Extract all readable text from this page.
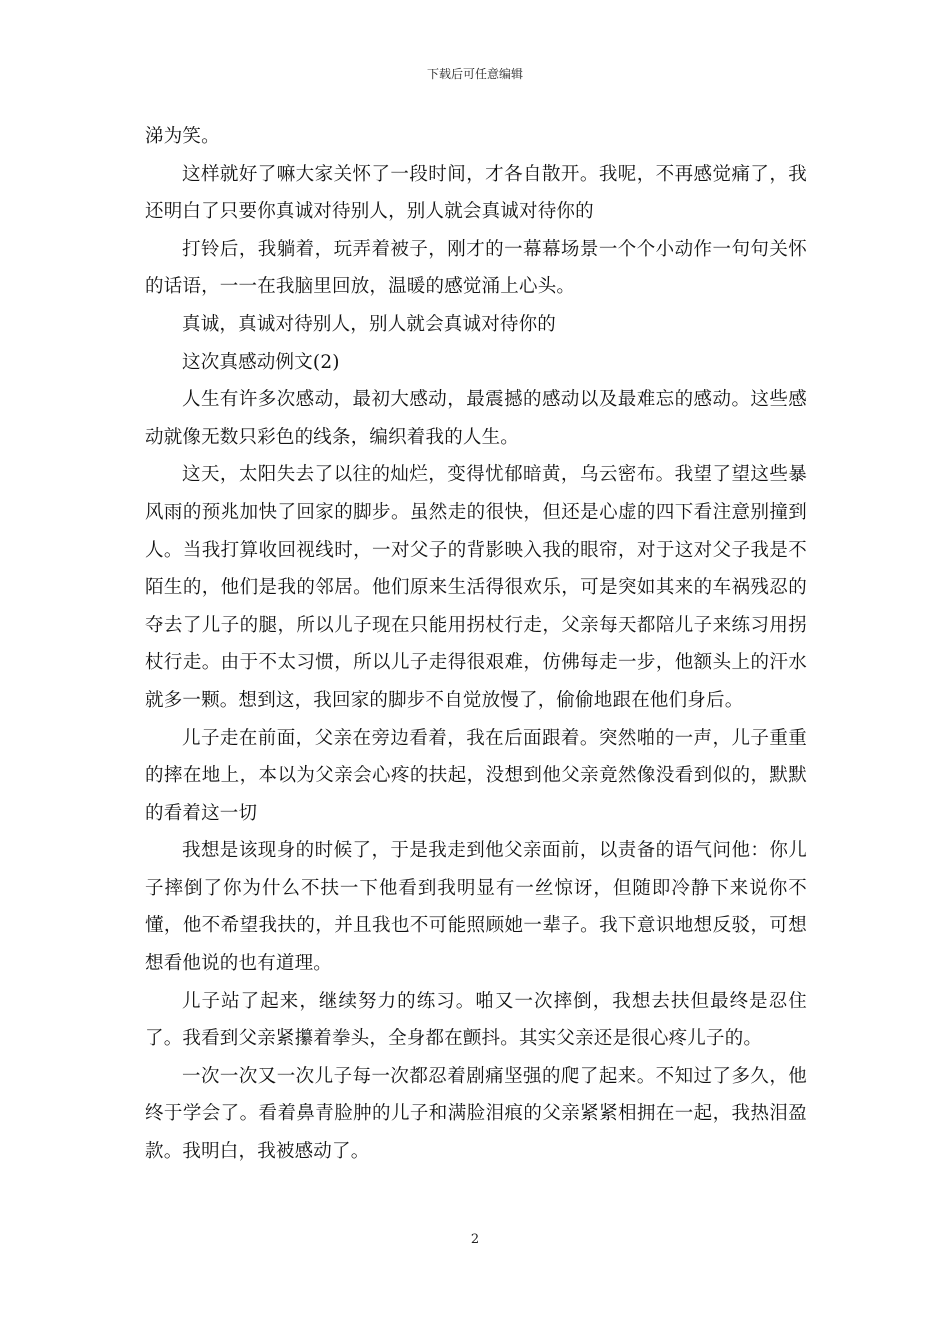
下载后可任意编辑

涕为笑。

这样就好了嘛大家关怀了一段时间，才各自散开。我呢，不再感觉痛了，我还明白了只要你真诚对待别人，别人就会真诚对待你的

打铃后，我躺着，玩弄着被子，刚才的一幕幕场景一个个小动作一句句关怀的话语，一一在我脑里回放，温暖的感觉涌上心头。

真诚，真诚对待别人，别人就会真诚对待你的

这次真感动例文(2)

人生有许多次感动，最初大感动，最震撼的感动以及最难忘的感动。这些感动就像无数只彩色的线条，编织着我的人生。

这天，太阳失去了以往的灿烂，变得忧郁暗黄，乌云密布。我望了望这些暴风雨的预兆加快了回家的脚步。虽然走的很快，但还是心虚的四下看注意别撞到人。当我打算收回视线时，一对父子的背影映入我的眼帘，对于这对父子我是不陌生的，他们是我的邻居。他们原来生活得很欢乐，可是突如其来的车祸残忍的夺去了儿子的腿，所以儿子现在只能用拐杖行走，父亲每天都陪儿子来练习用拐杖行走。由于不太习惯，所以儿子走得很艰难，仿佛每走一步，他额头上的汗水就多一颗。想到这，我回家的脚步不自觉放慢了，偷偷地跟在他们身后。

儿子走在前面，父亲在旁边看着，我在后面跟着。突然啪的一声，儿子重重的摔在地上，本以为父亲会心疼的扶起，没想到他父亲竟然像没看到似的，默默的看着这一切

我想是该现身的时候了，于是我走到他父亲面前，以责备的语气问他：你儿子摔倒了你为什么不扶一下他看到我明显有一丝惊讶，但随即冷静下来说你不懂，他不希望我扶的，并且我也不可能照顾她一辈子。我下意识地想反驳，可想想看他说的也有道理。

儿子站了起来，继续努力的练习。啪又一次摔倒，我想去扶但最终是忍住了。我看到父亲紧攥着拳头，全身都在颤抖。其实父亲还是很心疼儿子的。

一次一次又一次儿子每一次都忍着剧痛坚强的爬了起来。不知过了多久，他终于学会了。看着鼻青脸肿的儿子和满脸泪痕的父亲紧紧相拥在一起，我热泪盈款。我明白，我被感动了。

2
